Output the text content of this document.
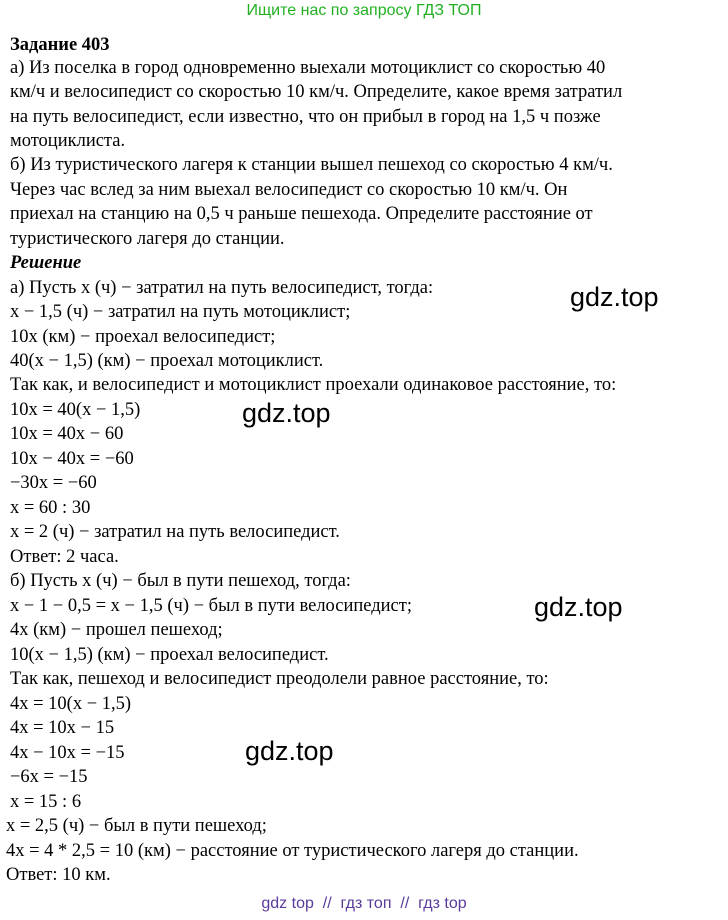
Ищите нас по запросу ГДЗ ТОП
Задание 403
а) Из поселка в город одновременно выехали мотоциклист со скоростью 40
км/ч и велосипедист со скоростью 10 км/ч. Определите, какое время затратил
на путь велосипедист, если известно, что он прибыл в город на 1,5 ч позже
мотоциклиста.
б) Из туристического лагеря к станции вышел пешеход со скоростью 4 км/ч.
Через час вслед за ним выехал велосипедист со скоростью 10 км/ч. Он
приехал на станцию на 0,5 ч раньше пешехода. Определите расстояние от
туристического лагеря до станции.
Решение
а) Пусть x (ч) − затратил на путь велосипедист, тогда:
x − 1,5 (ч) − затратил на путь мотоциклист;
10x (км) − проехал велосипедист;
40(x − 1,5) (км) − проехал мотоциклист.
Так как, и велосипедист и мотоциклист проехали одинаковое расстояние, то:
10x = 40(x − 1,5)
10x = 40x − 60
10x − 40x = −60
−30x = −60
x = 60 : 30
x = 2 (ч) − затратил на путь велосипедист.
Ответ: 2 часа.
б) Пусть x (ч) − был в пути пешеход, тогда:
x − 1 − 0,5 = x − 1,5 (ч) − был в пути велосипедист;
4x (км) − прошел пешеход;
10(x − 1,5) (км) − проехал велосипедист.
Так как, пешеход и велосипедист преодолели равное расстояние, то:
4x = 10(x − 1,5)
4x = 10x − 15
4x − 10x = −15
−6x = −15
x = 15 : 6
x = 2,5 (ч) − был в пути пешеход;
4x = 4 * 2,5 = 10 (км) − расстояние от туристического лагеря до станции.
Ответ: 10 км.
gdz.top
gdz.top
gdz.top
gdz.top
gdz top  //  гдз топ  //  гдз top
